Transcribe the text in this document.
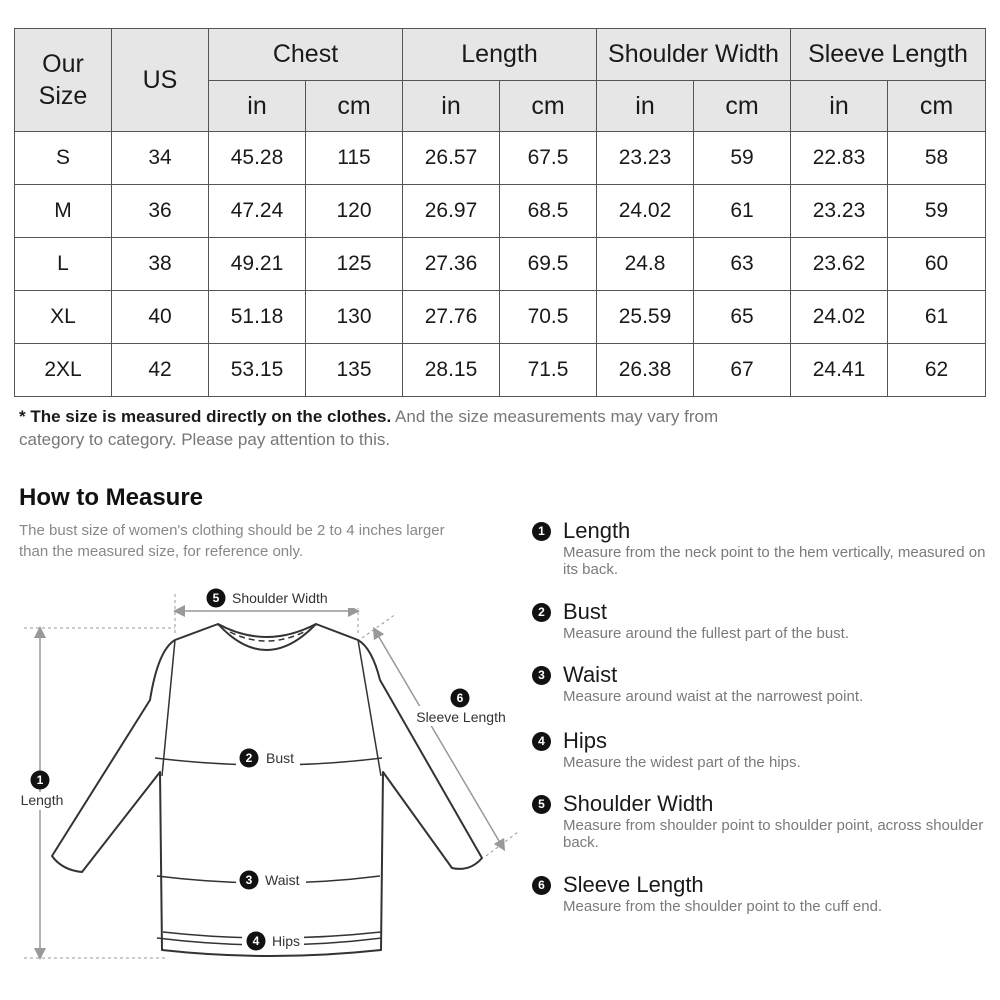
Our Size	US	Chest		Length		Shoulder Width		Sleeve Length	
		in	cm	in	cm	in	cm	in	cm
S	34	45.28	115	26.57	67.5	23.23	59	22.83	58
M	36	47.24	120	26.97	68.5	24.02	61	23.23	59
L	38	49.21	125	27.36	69.5	24.8	63	23.62	60
XL	40	51.18	130	27.76	70.5	25.59	65	24.02	61
2XL	42	53.15	135	28.15	71.5	26.38	67	24.41	62
* The size is measured directly on the clothes. And the size measurements may vary from category to category. Please pay attention to this.
How to Measure
The bust size of women's clothing should be 2 to 4 inches larger than the measured size, for reference only.
1
Length
5 Shoulder Width
6
Sleeve Length
2 Bust
3 Waist
4 Hips
1 Length
Measure from the neck point to the hem vertically, measured on its back.
2 Bust
Measure around the fullest part of the bust.
3 Waist
Measure around waist at the narrowest point.
4 Hips
Measure the widest part of the hips.
5 Shoulder Width
Measure from shoulder point to shoulder point, across shoulder back.
6 Sleeve Length
Measure from the shoulder point to the cuff end.
